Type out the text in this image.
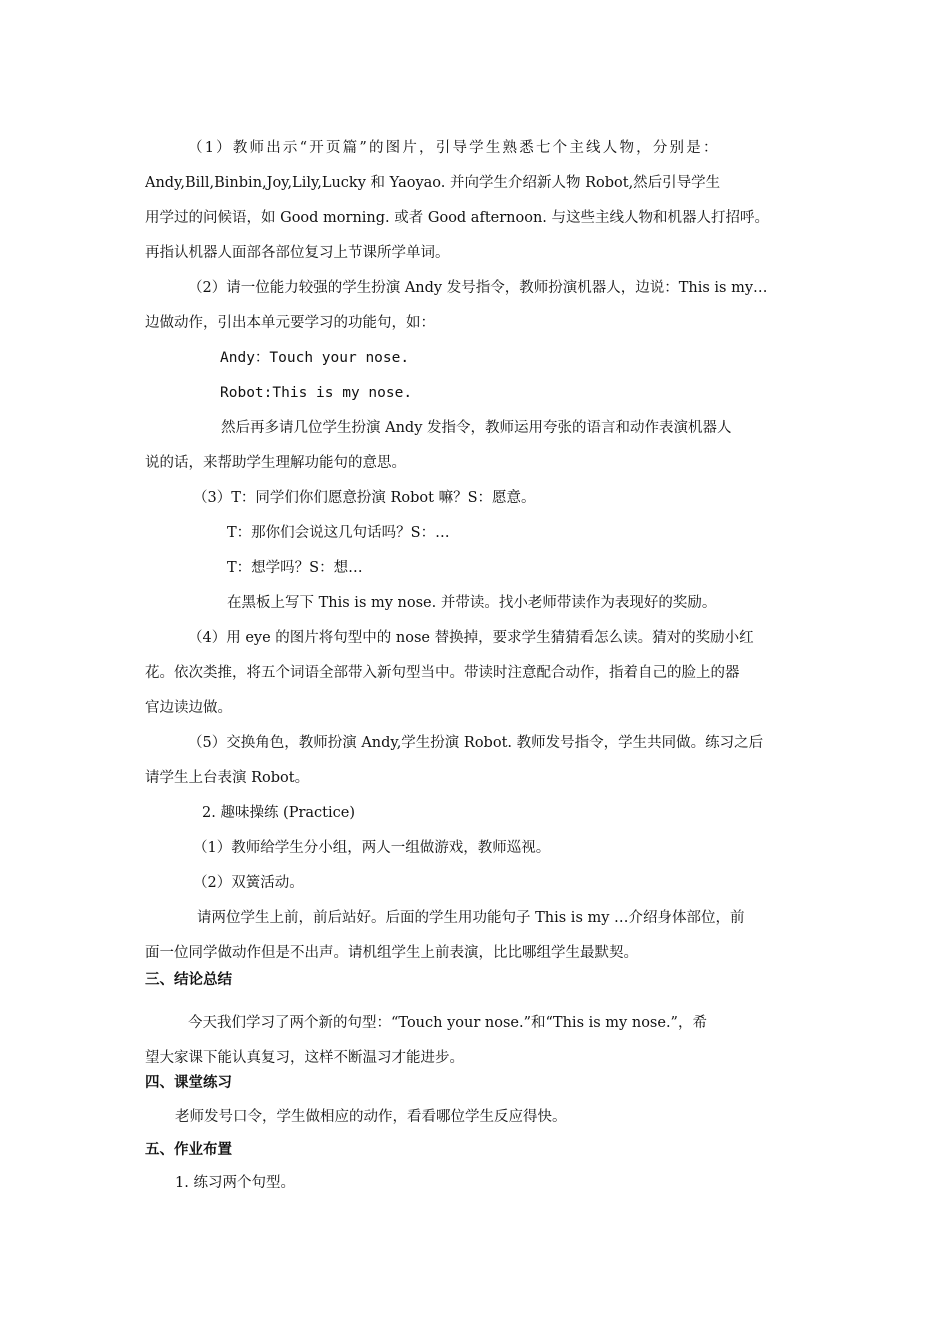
（1）教师出示“开页篇”的图片，引导学生熟悉七个主线人物，分别是：
Andy,Bill,Binbin,Joy,Lily,Lucky 和 Yaoyao. 并向学生介绍新人物 Robot,然后引导学生
用学过的问候语，如 Good morning. 或者 Good afternoon. 与这些主线人物和机器人打招呼。
再指认机器人面部各部位复习上节课所学单词。
（2）请一位能力较强的学生扮演 Andy 发号指令，教师扮演机器人，边说：This is my…
边做动作，引出本单元要学习的功能句，如：
Andy：Touch your nose.
Robot:This is my nose.
然后再多请几位学生扮演 Andy 发指令，教师运用夸张的语言和动作表演机器人
说的话，来帮助学生理解功能句的意思。
（3）T：同学们你们愿意扮演 Robot 嘛？S：愿意。
T：那你们会说这几句话吗？S：…
T：想学吗？S：想…
在黑板上写下 This is my nose. 并带读。找小老师带读作为表现好的奖励。
（4）用 eye 的图片将句型中的 nose 替换掉，要求学生猜猜看怎么读。猜对的奖励小红
花。依次类推，将五个词语全部带入新句型当中。带读时注意配合动作，指着自己的脸上的器
官边读边做。
（5）交换角色，教师扮演 Andy,学生扮演 Robot. 教师发号指令，学生共同做。练习之后
请学生上台表演 Robot。
2. 趣味操练 (Practice)
（1）教师给学生分小组，两人一组做游戏，教师巡视。
（2）双簧活动。
请两位学生上前，前后站好。后面的学生用功能句子 This is my …介绍身体部位，前
面一位同学做动作但是不出声。请机组学生上前表演，比比哪组学生最默契。
三、结论总结
今天我们学习了两个新的句型：“Touch your nose.”和“This is my nose.”，希
望大家课下能认真复习，这样不断温习才能进步。
四、课堂练习
老师发号口令，学生做相应的动作，看看哪位学生反应得快。
五、作业布置
1. 练习两个句型。
